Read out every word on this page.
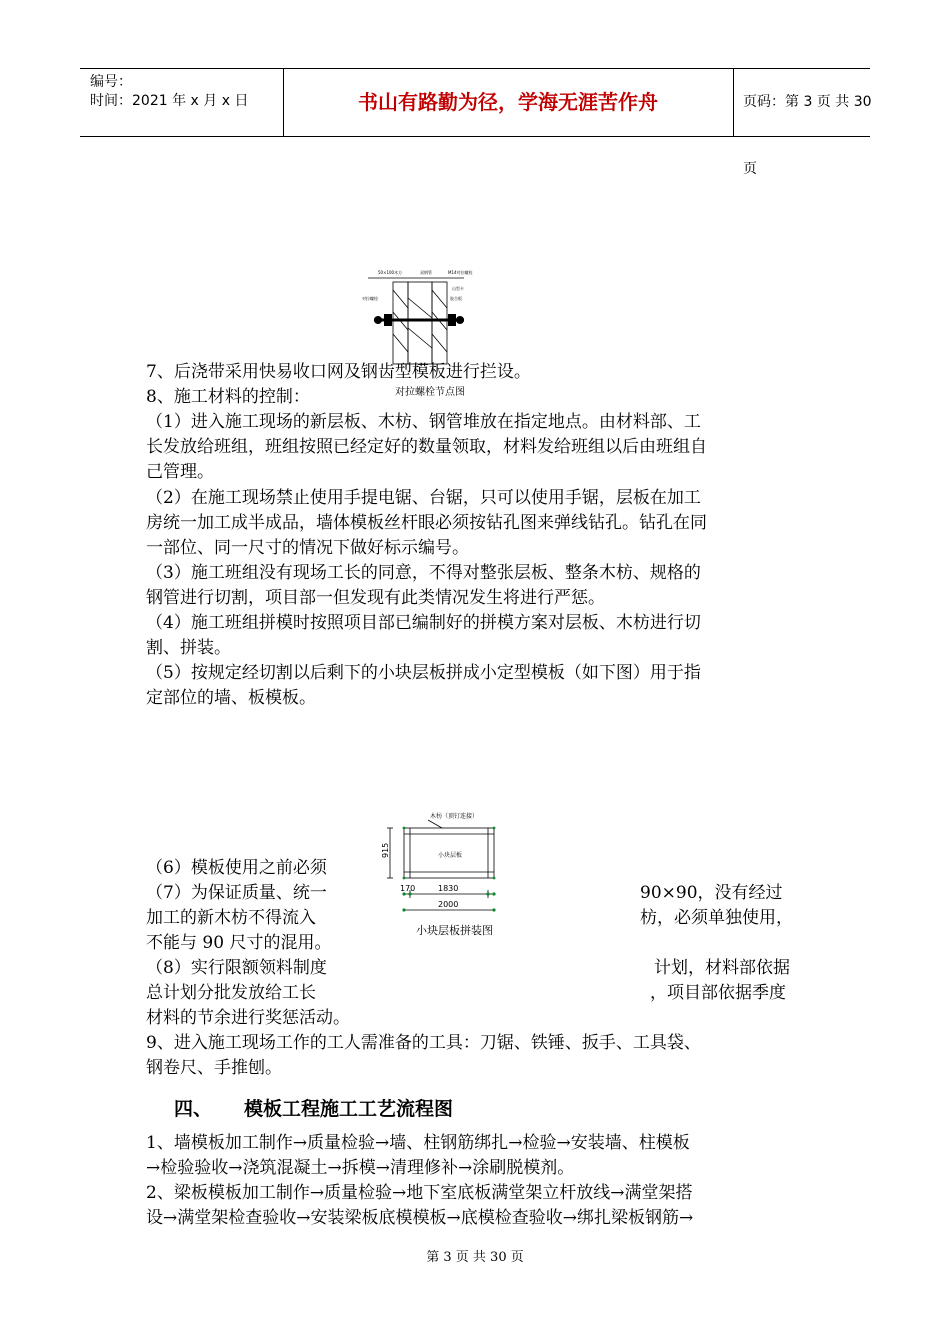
编号：
时间：2021 年 x 月 x 日	书山有路勤为径，学海无涯苦作舟	页码：第 3 页 共 30 页
50×100木方	双钢管	M14对拉螺栓
对拉螺栓	胶合板
山型卡
7、后浇带采用快易收口网及钢齿型模板进行拦设。
对拉螺栓节点图
8、施工材料的控制：
（1）进入施工现场的新层板、木枋、钢管堆放在指定地点。由材料部、工
长发放给班组，班组按照已经定好的数量领取，材料发给班组以后由班组自
己管理。
（2）在施工现场禁止使用手提电锯、台锯，只可以使用手锯，层板在加工
房统一加工成半成品，墙体模板丝杆眼必须按钻孔图来弹线钻孔。钻孔在同
一部位、同一尺寸的情况下做好标示编号。
（3）施工班组没有现场工长的同意，不得对整张层板、整条木枋、规格的
钢管进行切割，项目部一但发现有此类情况发生将进行严惩。
（4）施工班组拼模时按照项目部已编制好的拼模方案对层板、木枋进行切
割、拼装。
（5）按规定经切割以后剩下的小块层板拼成小定型模板（如下图）用于指
定部位的墙、板模板。
（6）模板使用之前必须
（7）为保证质量、统一	90×90，没有经过
加工的新木枋不得流入	枋，必须单独使用，
不能与 90 尺寸的混用。
（8）实行限额领料制度	计划，材料部依据
总计划分批发放给工长	，项目部依据季度
材料的节余进行奖惩活动。
木枋（顶钉连接）
小块层板
915
170	1830
2000
小块层板拼装图
9、进入施工现场工作的工人需准备的工具：刀锯、铁锤、扳手、工具袋、
钢卷尺、手推刨。
四、 模板工程施工工艺流程图
1、墙模板加工制作→质量检验→墙、柱钢筋绑扎→检验→安装墙、柱模板
→检验验收→浇筑混凝土→拆模→清理修补→涂刷脱模剂。
2、梁板模板加工制作→质量检验→地下室底板满堂架立杆放线→满堂架搭
设→满堂架检查验收→安装梁板底模模板→底模检查验收→绑扎梁板钢筋→
第 3 页 共 30 页
